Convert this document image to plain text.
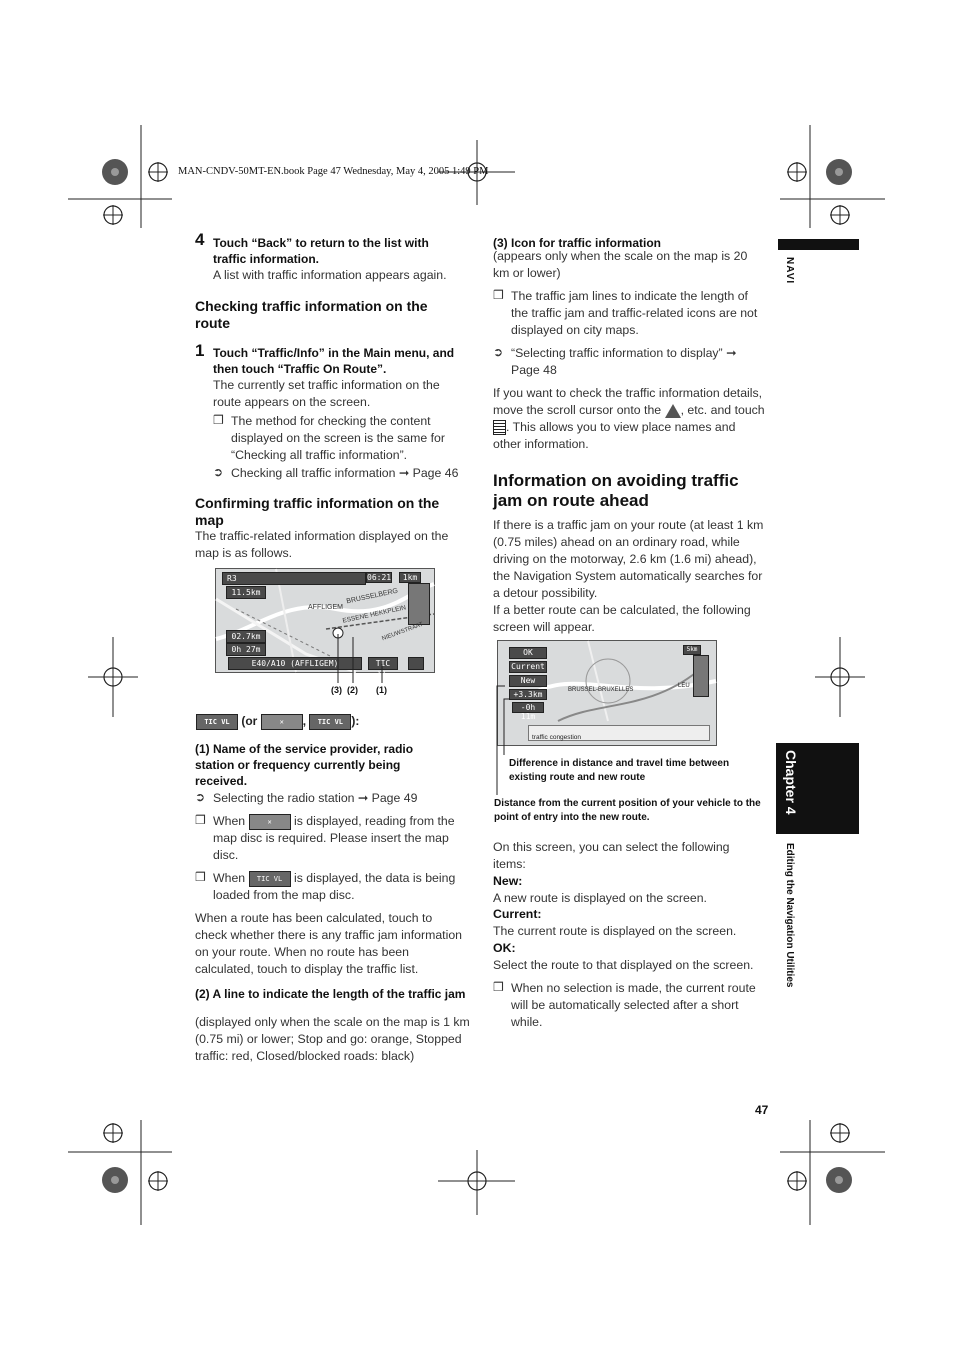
MAN-CNDV-50MT-EN.book Page 47 Wednesday, May 4, 2005 1:49 PM
NAVI
Chapter 4
Editing the Navigation Utilities
47
4 Touch “Back” to return to the list with traffic information.
A list with traffic information appears again.
Checking traffic information on the route
1 Touch “Traffic/Info” in the Main menu, and then touch “Traffic On Route”.
The currently set traffic information on the route appears on the screen.
❒ The method for checking the content displayed on the screen is the same for “Checking all traffic information”.
➲ Checking all traffic information ➞ Page 46
Confirming traffic information on the map
The traffic-related information displayed on the map is as follows.
R3
11.5km
06:21	1km
02.7km
0h 27m
E40/A10 (AFFLIGEM)	TIC VL
BRUSSELBERG
AFFLIGEM
ESSENE HEKKPLEIN
NIEUWSTRAAT
(3) (2) (1)
TIC VL (or	✕ , TIC VL ):
(1) Name of the service provider, radio station or frequency currently being received.
➲ Selecting the radio station ➞ Page 49
❒ When	✕ is displayed, reading from the map disc is required. Please insert the map disc.
❒ When TIC VL is displayed, the data is being loaded from the map disc.
When a route has been calculated, touch to check whether there is any traffic jam information on your route. When no route has been calculated, touch to display the traffic list.
(2) A line to indicate the length of the traffic jam
(displayed only when the scale on the map is 1 km (0.75 mi) or lower; Stop and go: orange, Stopped traffic: red, Closed/blocked roads: black)
(3) Icon for traffic information
(appears only when the scale on the map is 20 km or lower)
❒ The traffic jam lines to indicate the length of the traffic jam and traffic-related icons are not displayed on city maps.
➲ “Selecting traffic information to display” ➞ Page 48
If you want to check the traffic information details, move the scroll cursor onto the , etc. and touch . This allows you to view place names and other information.
Information on avoiding traffic jam on route ahead
If there is a traffic jam on your route (at least 1 km (0.75 miles) ahead on an ordinary road, while driving on the motorway, 2.6 km (1.6 mi) ahead), the Navigation System automatically searches for a detour possibility.
If a better route can be calculated, the following screen will appear.
OK
Current
New
+3.3km
-0h 11m
5km
BRUSSEL-BRUXELLES
LEU
traffic congestion
Difference in distance and travel time between existing route and new route
Distance from the current position of your vehicle to the point of entry into the new route.
On this screen, you can select the following items:
New:
A new route is displayed on the screen.
Current:
The current route is displayed on the screen.
OK:
Select the route to that displayed on the screen.
❒ When no selection is made, the current route will be automatically selected after a short while.
